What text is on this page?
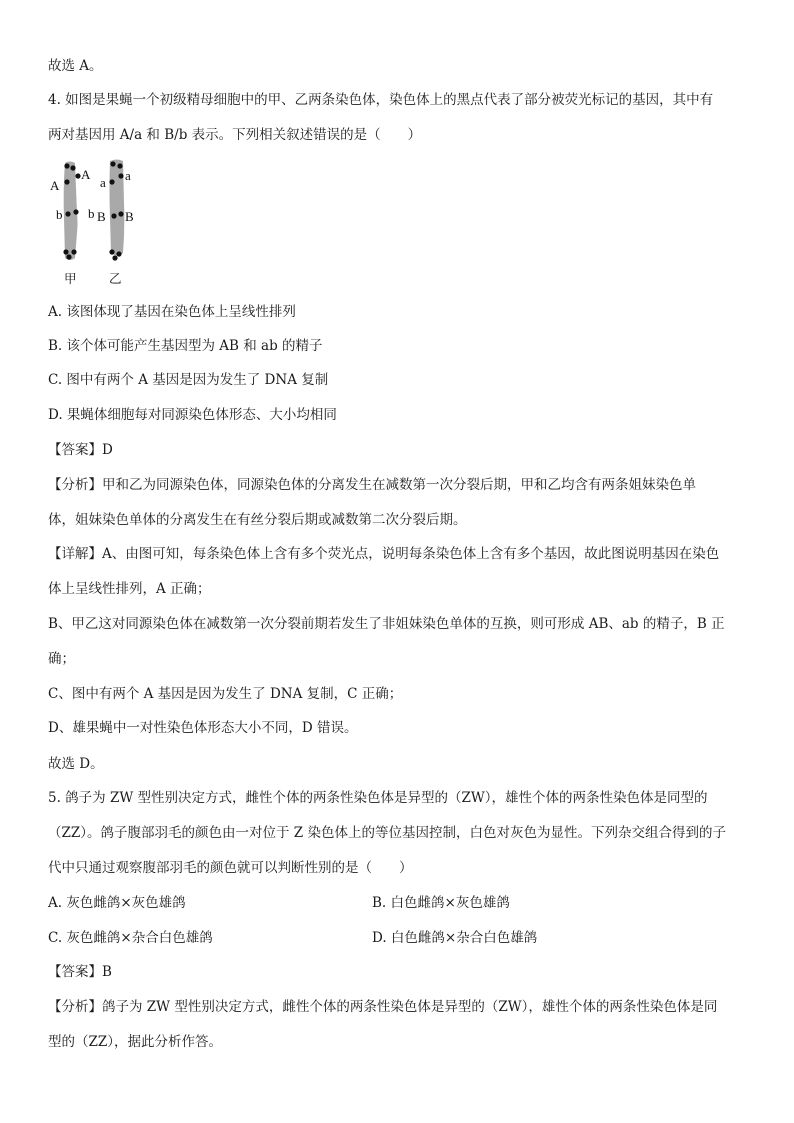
故选 A。
4. 如图是果蝇一个初级精母细胞中的甲、乙两条染色体，染色体上的黑点代表了部分被荧光标记的基因，其中有
两对基因用 A/a 和 B/b 表示。下列相关叙述错误的是（　　）
A
A
a a
b b B B
甲	乙
A. 该图体现了基因在染色体上呈线性排列
B. 该个体可能产生基因型为 AB 和 ab 的精子
C. 图中有两个 A 基因是因为发生了 DNA 复制
D. 果蝇体细胞每对同源染色体形态、大小均相同
【答案】D
【分析】甲和乙为同源染色体，同源染色体的分离发生在减数第一次分裂后期，甲和乙均含有两条姐妹染色单
体，姐妹染色单体的分离发生在有丝分裂后期或减数第二次分裂后期。
【详解】A、由图可知，每条染色体上含有多个荧光点，说明每条染色体上含有多个基因，故此图说明基因在染色
体上呈线性排列，A 正确；
B、甲乙这对同源染色体在减数第一次分裂前期若发生了非姐妹染色单体的互换，则可形成 AB、ab 的精子，B 正
确；
C、图中有两个 A 基因是因为发生了 DNA 复制，C 正确；
D、雄果蝇中一对性染色体形态大小不同，D 错误。
故选 D。
5. 鸽子为 ZW 型性别决定方式，雌性个体的两条性染色体是异型的（ZW），雄性个体的两条性染色体是同型的
（ZZ）。鸽子腹部羽毛的颜色由一对位于 Z 染色体上的等位基因控制，白色对灰色为显性。下列杂交组合得到的子
代中只通过观察腹部羽毛的颜色就可以判断性别的是（　　）
A. 灰色雌鸽×灰色雄鸽	B. 白色雌鸽×灰色雄鸽
C. 灰色雌鸽×杂合白色雄鸽	D. 白色雌鸽×杂合白色雄鸽
【答案】B
【分析】鸽子为 ZW 型性别决定方式，雌性个体的两条性染色体是异型的（ZW），雄性个体的两条性染色体是同
型的（ZZ），据此分析作答。
